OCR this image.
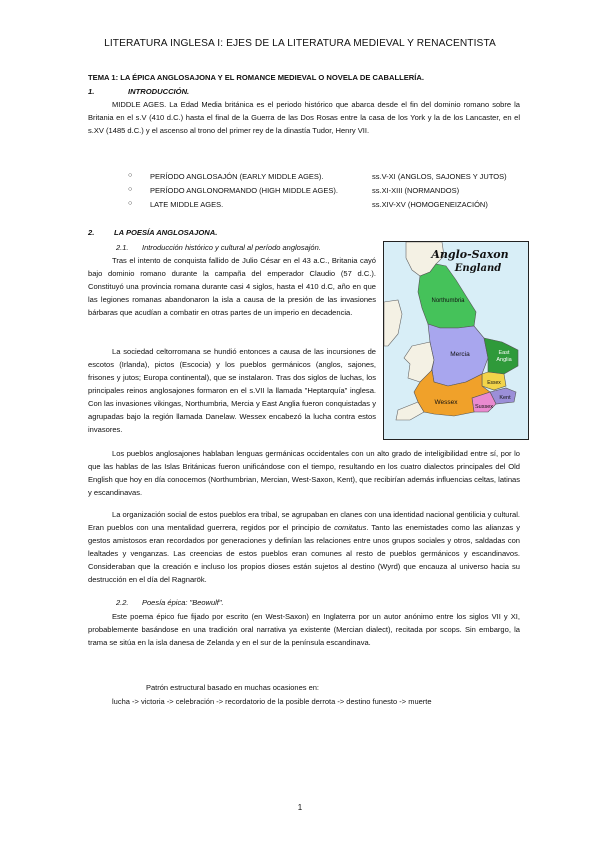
LITERATURA INGLESA I: EJES DE LA LITERATURA MEDIEVAL Y RENACENTISTA
TEMA 1: LA ÉPICA ANGLOSAJONA Y EL ROMANCE MEDIEVAL O NOVELA DE CABALLERÍA.
1.	INTRODUCCIÓN.
MIDDLE AGES. La Edad Media británica es el periodo histórico que abarca desde el fin del dominio romano sobre la Britania en el s.V (410 d.C.) hasta el final de la Guerra de las Dos Rosas entre la casa de los York y la de los Lancaster, en el s.XV (1485 d.C.) y el ascenso al trono del primer rey de la dinastía Tudor, Henry VII.
○ PERÍODO ANGLOSAJÓN (EARLY MIDDLE AGES).	ss.V-XI (ANGLOS, SAJONES Y JUTOS)
○ PERÍODO ANGLONORMANDO (HIGH MIDDLE AGES).	ss.XI-XIII (NORMANDOS)
○ LATE MIDDLE AGES.	ss.XIV-XV (HOMOGENEIZACIÓN)
2.	LA POESÍA ANGLOSAJONA.
2.1. Introducción histórico y cultural al período anglosajón.
Tras el intento de conquista fallido de Julio César en el 43 a.C., Britania cayó bajo dominio romano durante la campaña del emperador Claudio (57 d.C.). Constituyó una provincia romana durante casi 4 siglos, hasta el 410 d.C, año en que las legiones romanas abandonaron la isla a causa de la presión de las invasiones bárbaras que acudían a combatir en otras partes de un imperio en decadencia.
La sociedad celtorromana se hundió entonces a causa de las incursiones de escotos (Irlanda), pictos (Escocia) y los pueblos germánicos (anglos, sajones, frisones y jutos; Europa continental), que se instalaron. Tras dos siglos de luchas, los principales reinos anglosajones formaron en el s.VII la llamada "Heptarquía" inglesa. Con las invasiones vikingas, Northumbria, Mercia y East Anglia fueron conquistadas y agrupadas bajo la región llamada Danelaw. Wessex encabezó la lucha contra estos invasores.
Anglo-Saxon
England
Northumbria
Mercia	East
Anglia
Essex
Kent
Sussex
Wessex
Los pueblos anglosajones hablaban lenguas germánicas occidentales con un alto grado de inteligibilidad entre sí, por lo que las hablas de las Islas Británicas fueron unificándose con el tiempo, resultando en los cuatro dialectos principales del Old English que hoy en día conocemos (Northumbrian, Mercian, West-Saxon, Kent), que recibirían además influencias celtas, latinas y escandinavas.
La organización social de estos pueblos era tribal, se agrupaban en clanes con una identidad nacional gentilicia y cultural. Eran pueblos con una mentalidad guerrera, regidos por el principio de comitatus. Tanto las enemistades como las alianzas y gestos amistosos eran recordados por generaciones y definían las relaciones entre unos grupos sociales y otros, saldadas con lealtades y venganzas. Las creencias de estos pueblos eran comunes al resto de pueblos germánicos y escandinavos. Consideraban que la creación e incluso los propios dioses están sujetos al destino (Wyrd) que encauza al universo hacia su destrucción en el día del Ragnarök.
2.2. Poesía épica: "Beowulf".
Este poema épico fue fijado por escrito (en West-Saxon) en Inglaterra por un autor anónimo entre los siglos VII y XI, probablemente basándose en una tradición oral narrativa ya existente (Mercian dialect), recitada por scops. Sin embargo, la trama se sitúa en la isla danesa de Zelanda y en el sur de la península escandinava.
Patrón estructural basado en muchas ocasiones en:
lucha -> victoria -> celebración -> recordatorio de la posible derrota -> destino funesto -> muerte
1
